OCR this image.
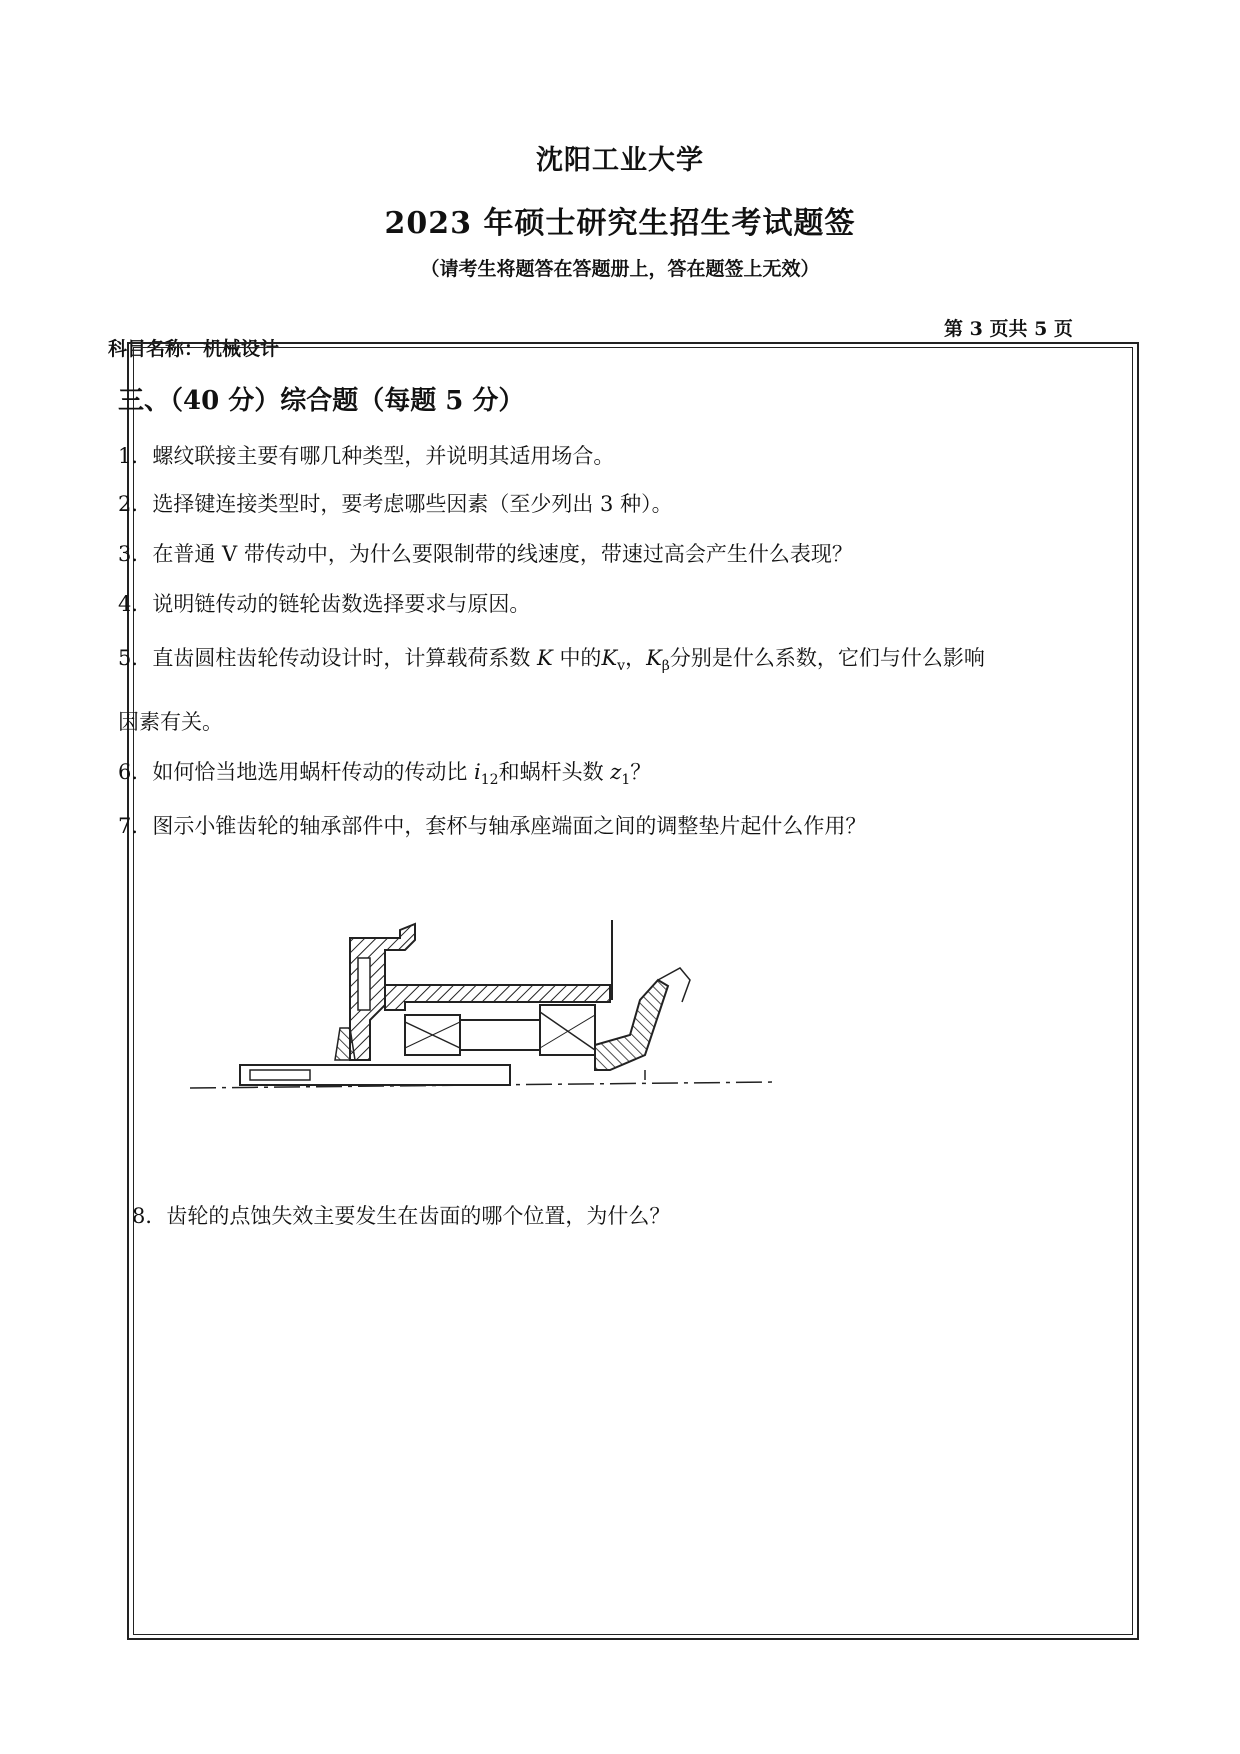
沈阳工业大学
2023 年硕士研究生招生考试题签
（请考生将题答在答题册上，答在题签上无效）
科目名称：机械设计
第 3 页共 5 页
三、（40 分）综合题（每题 5 分）
1．螺纹联接主要有哪几种类型，并说明其适用场合。
2．选择键连接类型时，要考虑哪些因素（至少列出 3 种）。
3．在普通 V 带传动中，为什么要限制带的线速度，带速过高会产生什么表现？
4．说明链传动的链轮齿数选择要求与原因。
5．直齿圆柱齿轮传动设计时，计算载荷系数 K 中的$K_v$，$K_\beta$分别是什么系数，它们与什么影响
因素有关。
6．如何恰当地选用蜗杆传动的传动比 $i_{12}$和蜗杆头数 $z_1$？
7．图示小锥齿轮的轴承部件中，套杯与轴承座端面之间的调整垫片起什么作用？
8．齿轮的点蚀失效主要发生在齿面的哪个位置，为什么？
